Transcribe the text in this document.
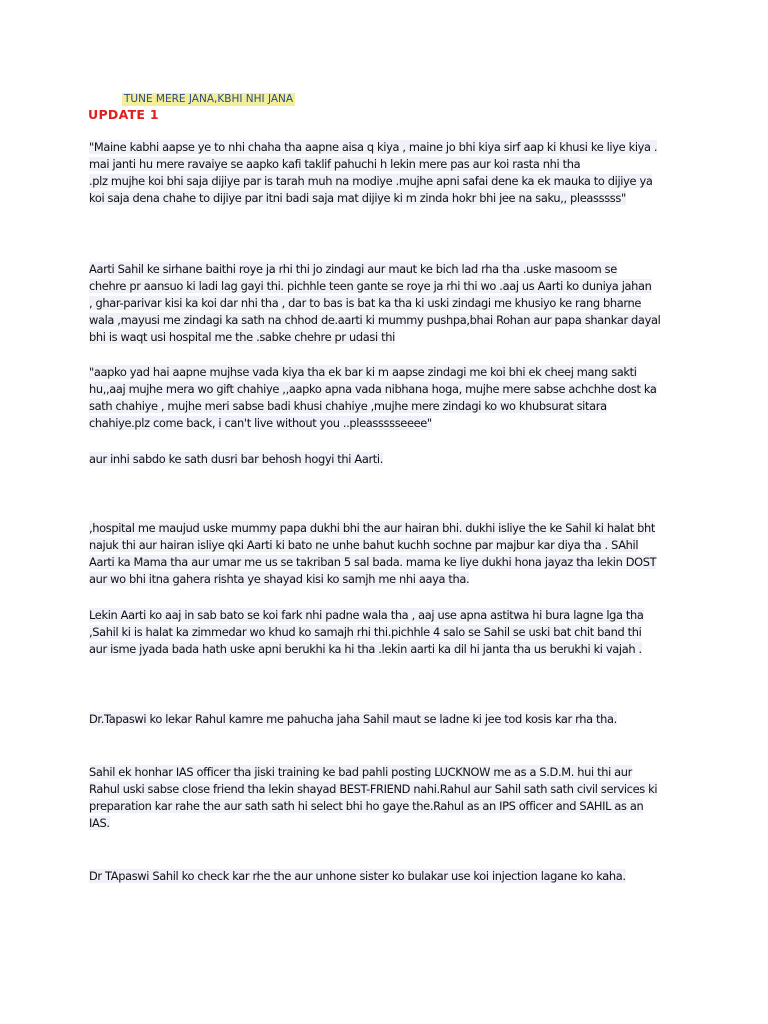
TUNE MERE JANA,KBHI NHI JANA
UPDATE 1
"Maine kabhi aapse ye to nhi chaha tha aapne aisa q kiya , maine jo bhi kiya sirf aap ki khusi ke liye kiya .
mai janti hu mere ravaiye se aapko kafi taklif pahuchi h lekin mere pas aur koi rasta nhi tha
.plz mujhe koi bhi saja dijiye par is tarah muh na modiye .mujhe apni safai dene ka ek mauka to dijiye ya
koi saja dena chahe to dijiye par itni badi saja mat dijiye ki m zinda hokr bhi jee na saku,, pleasssss"
Aarti Sahil ke sirhane baithi roye ja rhi thi jo zindagi aur maut ke bich lad rha tha .uske masoom se
chehre pr aansuo ki ladi lag gayi thi. pichhle teen gante se roye ja rhi thi wo .aaj us Aarti ko duniya jahan
, ghar-parivar kisi ka koi dar nhi tha , dar to bas is bat ka tha ki uski zindagi me khusiyo ke rang bharne
wala ,mayusi me zindagi ka sath na chhod de.aarti ki mummy pushpa,bhai Rohan aur papa shankar dayal
bhi is waqt usi hospital me the .sabke chehre pr udasi thi
"aapko yad hai aapne mujhse vada kiya tha ek bar ki m aapse zindagi me koi bhi ek cheej mang sakti
hu,,aaj mujhe mera wo gift chahiye ,,aapko apna vada nibhana hoga, mujhe mere sabse achchhe dost ka
sath chahiye , mujhe meri sabse badi khusi chahiye ,mujhe mere zindagi ko wo khubsurat sitara
chahiye.plz come back, i can't live without you ..pleassssseeee"
aur inhi sabdo ke sath dusri bar behosh hogyi thi Aarti.
,hospital me maujud uske mummy papa dukhi bhi the aur hairan bhi. dukhi isliye the ke Sahil ki halat bht
najuk thi aur hairan isliye qki Aarti ki bato ne unhe bahut kuchh sochne par majbur kar diya tha . SAhil
Aarti ka Mama tha aur umar me us se takriban 5 sal bada. mama ke liye dukhi hona jayaz tha lekin DOST
aur wo bhi itna gahera rishta ye shayad kisi ko samjh me nhi aaya tha.
Lekin Aarti ko aaj in sab bato se koi fark nhi padne wala tha , aaj use apna astitwa hi bura lagne lga tha
,Sahil ki is halat ka zimmedar wo khud ko samajh rhi thi.pichhle 4 salo se Sahil se uski bat chit band thi
aur isme jyada bada hath uske apni berukhi ka hi tha .lekin aarti ka dil hi janta tha us berukhi ki vajah .
Dr.Tapaswi ko lekar Rahul kamre me pahucha jaha Sahil maut se ladne ki jee tod kosis kar rha tha.
Sahil ek honhar IAS officer tha jiski training ke bad pahli posting LUCKNOW me as a S.D.M. hui thi aur
Rahul uski sabse close friend tha lekin shayad BEST-FRIEND nahi.Rahul aur Sahil sath sath civil services ki
preparation kar rahe the aur sath sath hi select bhi ho gaye the.Rahul as an IPS officer and SAHIL as an
IAS.
Dr TApaswi Sahil ko check kar rhe the aur unhone sister ko bulakar use koi injection lagane ko kaha.
